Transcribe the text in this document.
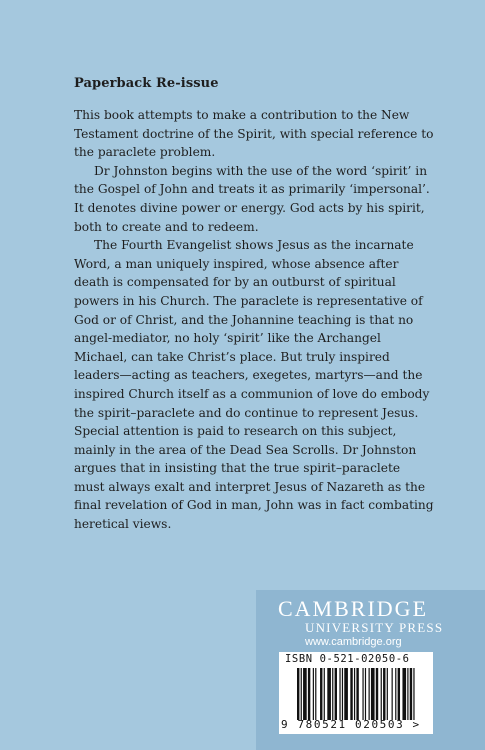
Paperback Re-issue

This book attempts to make a contribution to the New Testament doctrine of the Spirit, with special reference to the paraclete problem.

Dr Johnston begins with the use of the word ‘spirit’ in the Gospel of John and treats it as primarily ‘impersonal’. It denotes divine power or energy. God acts by his spirit, both to create and to redeem.

The Fourth Evangelist shows Jesus as the incarnate Word, a man uniquely inspired, whose absence after death is compensated for by an outburst of spiritual powers in his Church. The paraclete is representative of God or of Christ, and the Johannine teaching is that no angel-mediator, no holy ‘spirit’ like the Archangel Michael, can take Christ’s place. But truly inspired leaders—acting as teachers, exegetes, martyrs—and the inspired Church itself as a communion of love do embody the spirit–paraclete and do continue to represent Jesus. Special attention is paid to research on this subject, mainly in the area of the Dead Sea Scrolls. Dr Johnston argues that in insisting that the true spirit–paraclete must always exalt and interpret Jesus of Nazareth as the final revelation of God in man, John was in fact combating heretical views.

CAMBRIDGE
UNIVERSITY PRESS
www.cambridge.org
ISBN 0-521-02050-6
9 780521 020503 >
